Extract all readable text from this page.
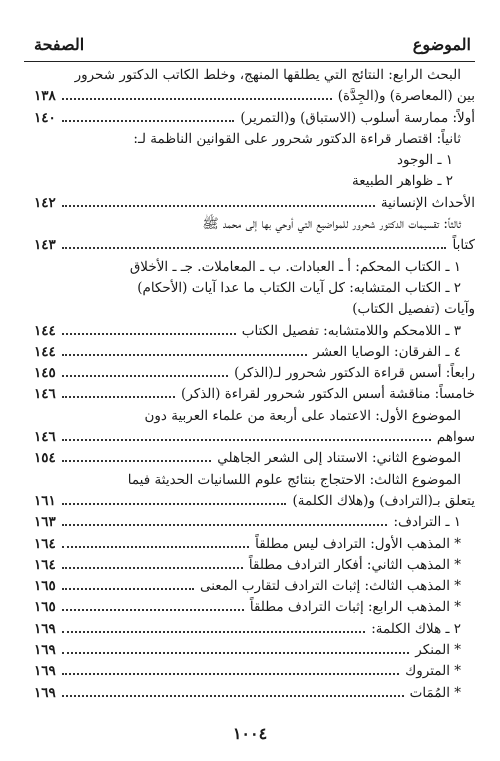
الموضوع
الصفحة
البحث الرابع: النتائج التي يطلقها المنهج، وخلط الكاتب الدكتور شحرور
بين (المعاصرة) و(الجِدَّة)
١٣٨
أولاً: ممارسة أسلوب (الاستباق) و(التمرير)
١٤٠
ثانياً: اقتصار قراءة الدكتور شحرور على القوانين الناظمة لـ:
١ ـ الوجود
٢ ـ ظواهر الطبيعة
الأحداث الإنسانية
١٤٢
ثالثاً: تقسيمات الدكتور شحرور للمواضيع التي أوحي بها إلى محمد ﷺ
كتاباً
١٤٣
١ ـ الكتاب المحكم: أ ـ العبادات. ب ـ المعاملات. جـ ـ الأخلاق
٢ ـ الكتاب المتشابه: كل آيات الكتاب ما عدا آيات (الأحكام)
وآيات (تفصيل الكتاب)
٣ ـ اللامحكم واللامتشابه: تفصيل الكتاب
١٤٤
٤ ـ الفرقان: الوصايا العشر
١٤٤
رابعاً: أسس قراءة الدكتور شحرور لـ(الذكر)
١٤٥
خامساً: مناقشة أسس الدكتور شحرور لقراءة (الذكر)
١٤٦
الموضوع الأول: الاعتماد على أربعة من علماء العربية دون
سواهم
١٤٦
الموضوع الثاني: الاستناد إلى الشعر الجاهلي
١٥٤
الموضوع الثالث: الاحتجاج بنتائج علوم اللسانيات الحديثة فيما
يتعلق بـ(الترادف) و(هلاك الكلمة)
١٦١
١ ـ الترادف:
١٦٣
* المذهب الأول: الترادف ليس مطلقاً
١٦٤
* المذهب الثاني: أفكار الترادف مطلقاً
١٦٤
* المذهب الثالث: إثبات الترادف لتقارب المعنى
١٦٥
* المذهب الرابع: إثبات الترادف مطلقاً
١٦٥
٢ ـ هلاك الكلمة:
١٦٩
* المنكر
١٦٩
* المتروك
١٦٩
* المُمَات
١٦٩
١٠٠٤
